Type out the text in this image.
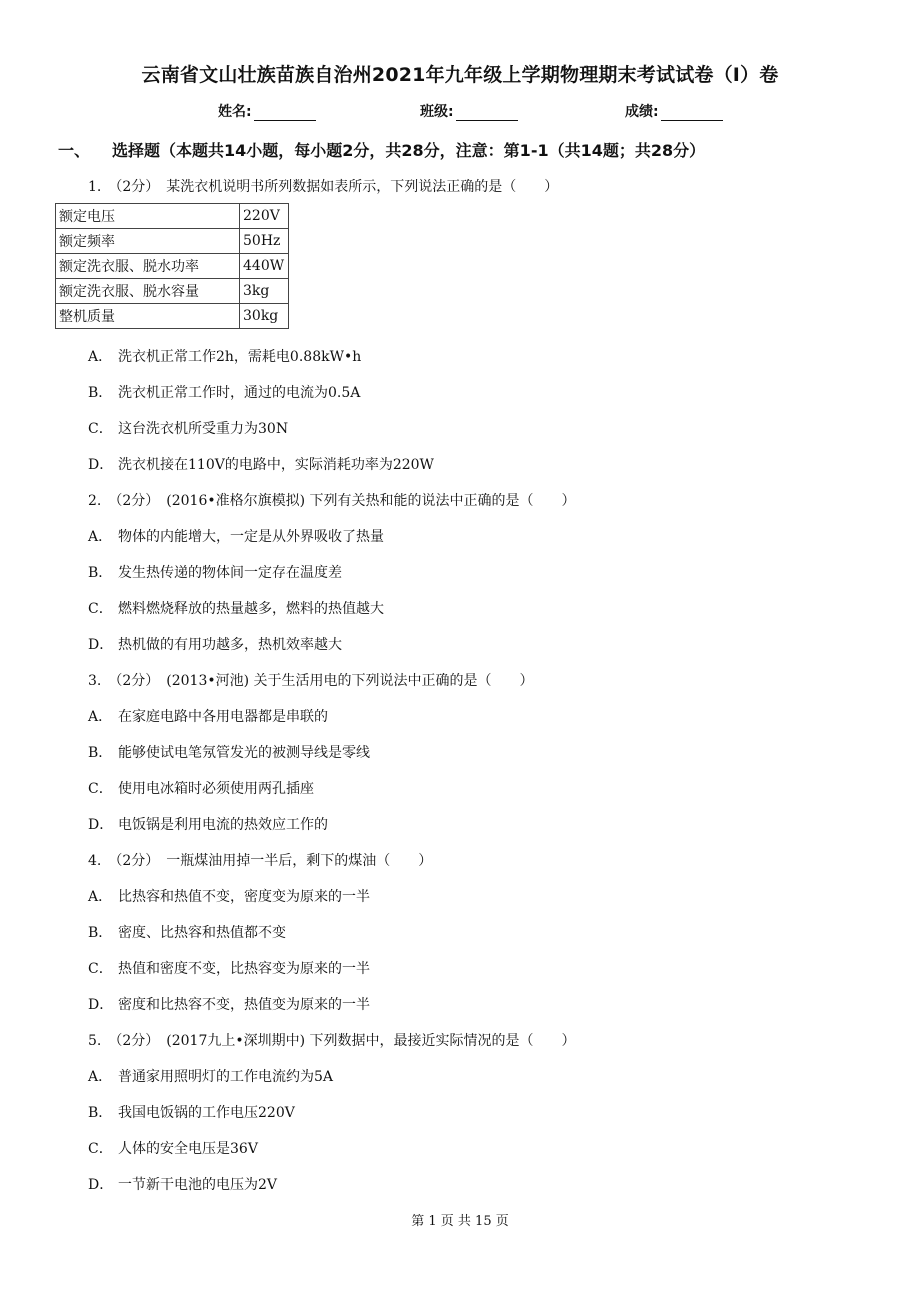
云南省文山壮族苗族自治州2021年九年级上学期物理期末考试试卷（I）卷
姓名:	班级:	成绩:
一、 选择题（本题共14小题，每小题2分，共28分，注意：第1-1（共14题；共28分）
1.　（2分）　某洗衣机说明书所列数据如表所示，下列说法正确的是（　　）
额定电压	220V
额定频率	50Hz
额定洗衣服、脱水功率	440W
额定洗衣服、脱水容量	3kg
整机质量	30kg
A． 洗衣机正常工作2h，需耗电0.88kW•h
B． 洗衣机正常工作时，通过的电流为0.5A
C． 这台洗衣机所受重力为30N
D． 洗衣机接在110V的电路中，实际消耗功率为220W
2.　（2分）　(2016•准格尔旗模拟) 下列有关热和能的说法中正确的是（　　）
A． 物体的内能增大，一定是从外界吸收了热量
B． 发生热传递的物体间一定存在温度差
C． 燃料燃烧释放的热量越多，燃料的热值越大
D． 热机做的有用功越多，热机效率越大
3.　（2分）　(2013•河池) 关于生活用电的下列说法中正确的是（　　）
A． 在家庭电路中各用电器都是串联的
B． 能够使试电笔氖管发光的被测导线是零线
C． 使用电冰箱时必须使用两孔插座
D． 电饭锅是利用电流的热效应工作的
4.　（2分）　一瓶煤油用掉一半后，剩下的煤油（　　）
A． 比热容和热值不变，密度变为原来的一半
B． 密度、比热容和热值都不变
C． 热值和密度不变，比热容变为原来的一半
D． 密度和比热容不变，热值变为原来的一半
5.　（2分）　(2017九上•深圳期中) 下列数据中，最接近实际情况的是（　　）
A． 普通家用照明灯的工作电流约为5A
B． 我国电饭锅的工作电压220V
C． 人体的安全电压是36V
D． 一节新干电池的电压为2V
第 1 页 共 15 页
